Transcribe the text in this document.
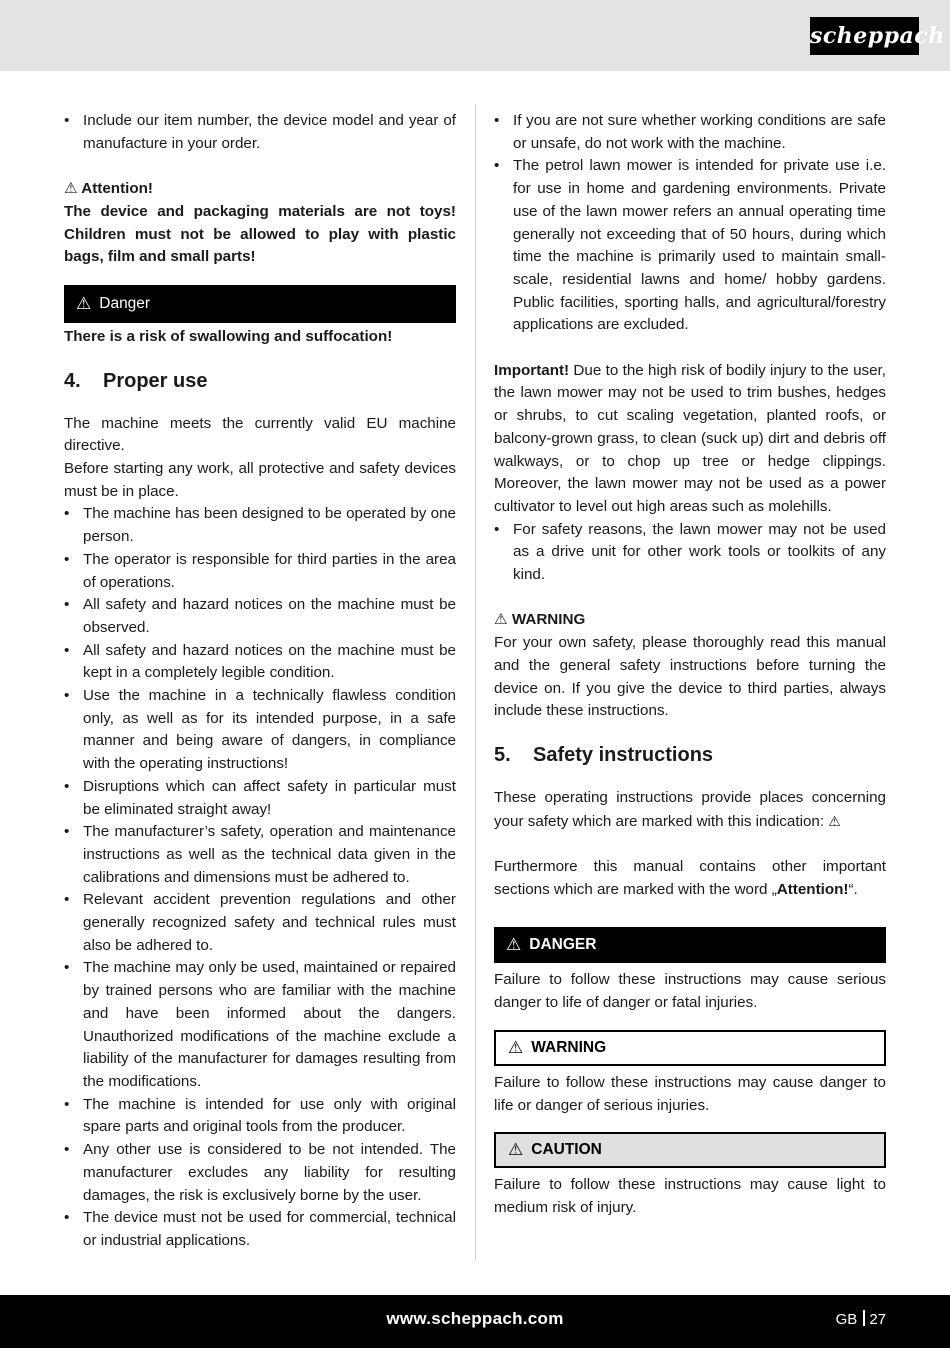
scheppach
• Include our item number, the device model and year of manufacture in your order.

⚠ Attention!

The device and packaging materials are not toys! Children must not be allowed to play with plastic bags, film and small parts!

⚠ Danger

There is a risk of swallowing and suffocation!

4. Proper use

The machine meets the currently valid EU machine directive.

Before starting any work, all protective and safety devices must be in place.

• The machine has been designed to be operated by one person.
• The operator is responsible for third parties in the area of operations.
• All safety and hazard notices on the machine must be observed.
• All safety and hazard notices on the machine must be kept in a completely legible condition.
• Use the machine in a technically flawless condition only, as well as for its intended purpose, in a safe manner and being aware of dangers, in compliance with the operating instructions!
• Disruptions which can affect safety in particular must be eliminated straight away!
• The manufacturer’s safety, operation and maintenance instructions as well as the technical data given in the calibrations and dimensions must be adhered to.
• Relevant accident prevention regulations and other generally recognized safety and technical rules must also be adhered to.
• The machine may only be used, maintained or repaired by trained persons who are familiar with the machine and have been informed about the dangers. Unauthorized modifications of the machine exclude a liability of the manufacturer for damages resulting from the modifications.
• The machine is intended for use only with original spare parts and original tools from the producer.
• Any other use is considered to be not intended. The manufacturer excludes any liability for resulting damages, the risk is exclusively borne by the user.
• The device must not be used for commercial, technical or industrial applications.
• If you are not sure whether working conditions are safe or unsafe, do not work with the machine.
• The petrol lawn mower is intended for private use i.e. for use in home and gardening environments. Private use of the lawn mower refers an annual operating time generally not exceeding that of 50 hours, during which time the machine is primarily used to maintain small-scale, residential lawns and home/ hobby gardens. Public facilities, sporting halls, and agricultural/forestry applications are excluded.

Important! Due to the high risk of bodily injury to the user, the lawn mower may not be used to trim bushes, hedges or shrubs, to cut scaling vegetation, planted roofs, or balcony-grown grass, to clean (suck up) dirt and debris off walkways, or to chop up tree or hedge clippings. Moreover, the lawn mower may not be used as a power cultivator to level out high areas such as molehills.

• For safety reasons, the lawn mower may not be used as a drive unit for other work tools or toolkits of any kind.

⚠ WARNING

For your own safety, please thoroughly read this manual and the general safety instructions before turning the device on. If you give the device to third parties, always include these instructions.

5. Safety instructions

These operating instructions provide places concerning your safety which are marked with this indication: ⚠

Furthermore this manual contains other important sections which are marked with the word „Attention!“.

⚠ DANGER

Failure to follow these instructions may cause serious danger to life of danger or fatal injuries.

⚠ WARNING

Failure to follow these instructions may cause danger to life or danger of serious injuries.

⚠ CAUTION

Failure to follow these instructions may cause light to medium risk of injury.

www.scheppach.com	GB 27
